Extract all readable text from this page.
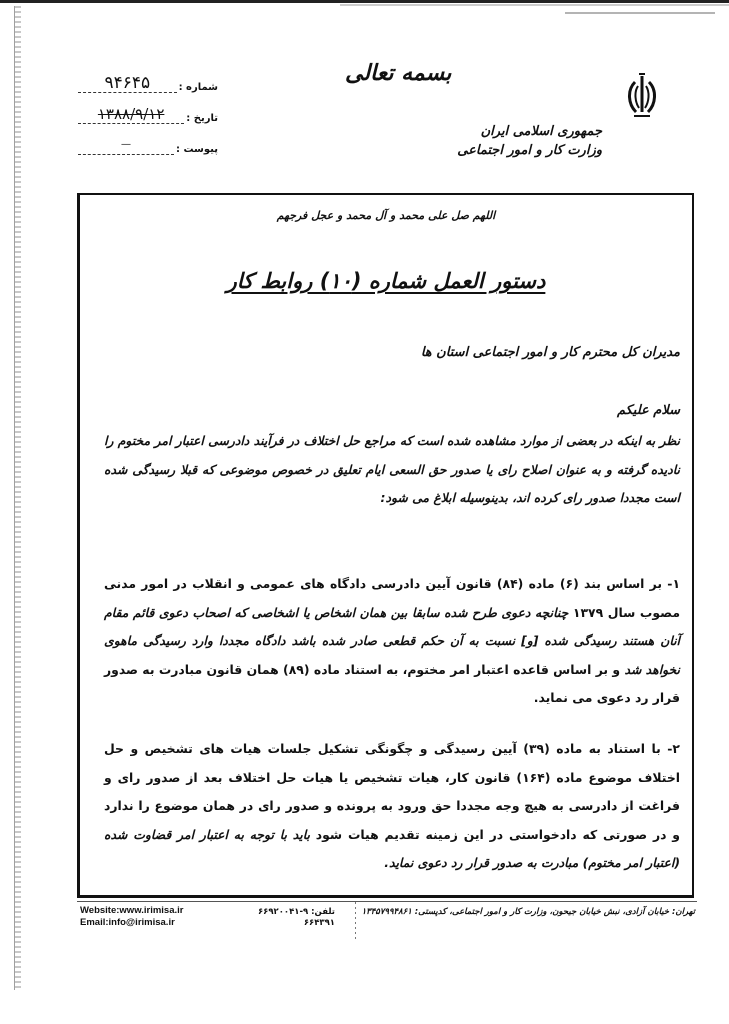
جمهوری اسلامی ایران
وزارت کار و امور اجتماعی
بسمه تعالی
شماره :
۹۴۶۴۵
تاریخ :
۱۳۸۸/۹/۱۲
پیوست :
—
اللهم صل علی محمد و آل محمد و عجل فرجهم
دستور العمل شماره (۱۰) روابط کار
مدیران کل محترم کار و امور اجتماعی استان ها
سلام علیکم
نظر به اینکه در بعضی از موارد مشاهده شده است که مراجع حل اختلاف در فرآیند دادرسی اعتبار امر مختوم را نادیده گرفته و به عنوان اصلاح رای یا صدور حق السعی ایام تعلیق در خصوص موضوعی که قبلا رسیدگی شده است مجددا صدور رای کرده اند، بدینوسیله ابلاغ می شود:
۱- بر اساس بند (۶) ماده (۸۴) قانون آیین دادرسی دادگاه های عمومی و انقلاب در امور مدنی مصوب سال ۱۳۷۹ چنانچه دعوی طرح شده سابقا بین همان اشخاص یا اشخاصی که اصحاب دعوی قائم مقام آنان هستند رسیدگی شده [و] نسبت به آن حکم قطعی صادر شده باشد دادگاه مجددا وارد رسیدگی ماهوی نخواهد شد و بر اساس قاعده اعتبار امر مختوم، به استناد ماده (۸۹) همان قانون مبادرت به صدور قرار رد دعوی می نماید.
۲- با استناد به ماده (۳۹) آیین رسیدگی و چگونگی تشکیل جلسات هیات های تشخیص و حل اختلاف موضوع ماده (۱۶۴) قانون کار، هیات تشخیص یا هیات حل اختلاف بعد از صدور رای و فراغت از دادرسی به هیچ وجه مجددا حق ورود به پرونده و صدور رای در همان موضوع را ندارد و در صورتی که دادخواستی در این زمینه تقدیم هیات شود باید با توجه به اعتبار امر قضاوت شده (اعتبار امر مختوم) مبادرت به صدور قرار رد دعوی نماید.
Website:www.irimisa.ir
Email:info@irimisa.ir
تلفن: ۹-۶۶۹۲۰۰۴۱
۶۶۴۳۹۱
تهران: خیابان آزادی، نبش خیابان جیحون، وزارت کار و امور اجتماعی، کدپستی: ۱۳۴۵۷۹۹۴۸۶۱
